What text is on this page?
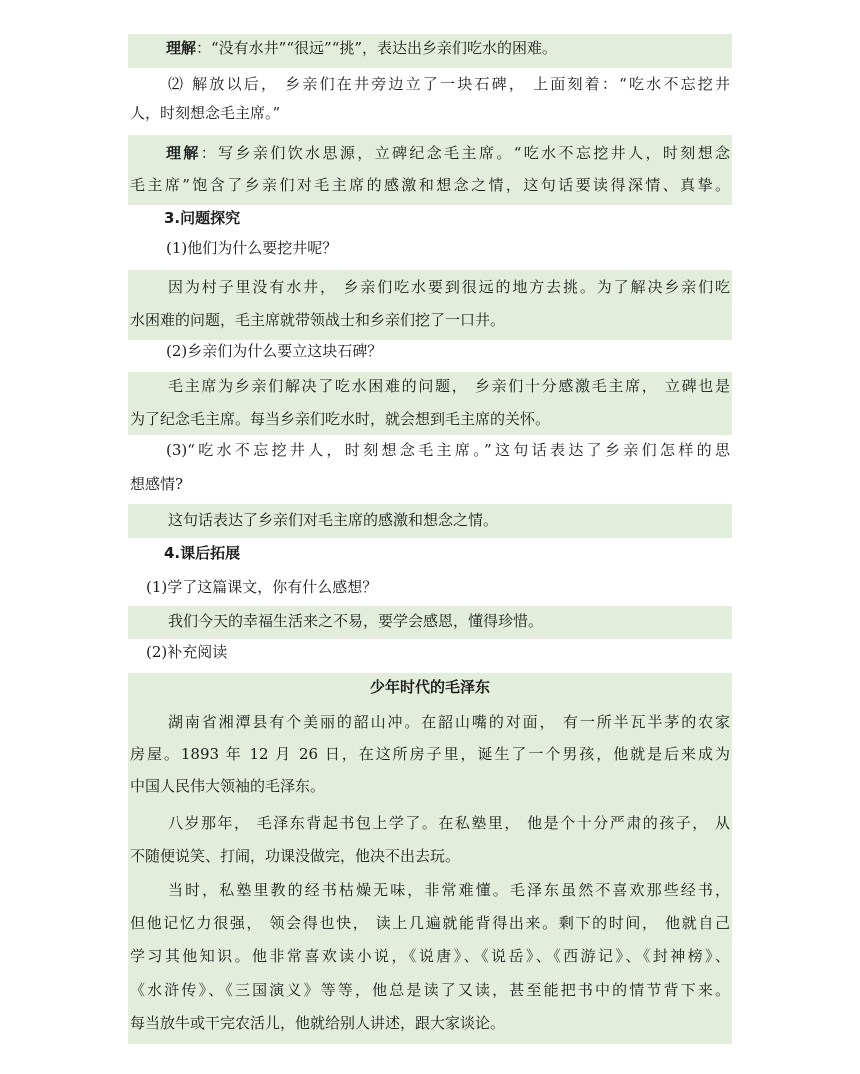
理解：“没有水井”“很远”“挑”，表达出乡亲们吃水的困难。
⑵ 解放以后， 乡亲们在井旁边立了一块石碑， 上面刻着：“吃水不忘挖井
人，时刻想念毛主席。”
理解：写乡亲们饮水思源，立碑纪念毛主席。“吃水不忘挖井人，时刻想念
毛主席”饱含了乡亲们对毛主席的感激和想念之情，这句话要读得深情、真挚。
3.问题探究
(1)他们为什么要挖井呢？
因为村子里没有水井， 乡亲们吃水要到很远的地方去挑。为了解决乡亲们吃
水困难的问题，毛主席就带领战士和乡亲们挖了一口井。
(2)乡亲们为什么要立这块石碑？
毛主席为乡亲们解决了吃水困难的问题， 乡亲们十分感激毛主席， 立碑也是
为了纪念毛主席。每当乡亲们吃水时，就会想到毛主席的关怀。
(3)“吃水不忘挖井人，时刻想念毛主席。”这句话表达了乡亲们怎样的思
想感情?
这句话表达了乡亲们对毛主席的感激和想念之情。
4.课后拓展
(1)学了这篇课文，你有什么感想？
我们今天的幸福生活来之不易，要学会感恩，懂得珍惜。
(2)补充阅读
少年时代的毛泽东
湖南省湘潭县有个美丽的韶山冲。在韶山嘴的对面， 有一所半瓦半茅的农家
房屋。1893 年 12 月 26 日，在这所房子里，诞生了一个男孩，他就是后来成为
中国人民伟大领袖的毛泽东。
八岁那年， 毛泽东背起书包上学了。在私塾里， 他是个十分严肃的孩子， 从
不随便说笑、打闹，功课没做完，他决不出去玩。
当时，私塾里教的经书枯燥无味，非常难懂。毛泽东虽然不喜欢那些经书，
但他记忆力很强， 领会得也快， 读上几遍就能背得出来。剩下的时间， 他就自己
学习其他知识。他非常喜欢读小说，《说唐》、《说岳》、《西游记》、《封神榜》、
《水浒传》、《三国演义》等等，他总是读了又读，甚至能把书中的情节背下来。
每当放牛或干完农活儿，他就给别人讲述，跟大家谈论。
